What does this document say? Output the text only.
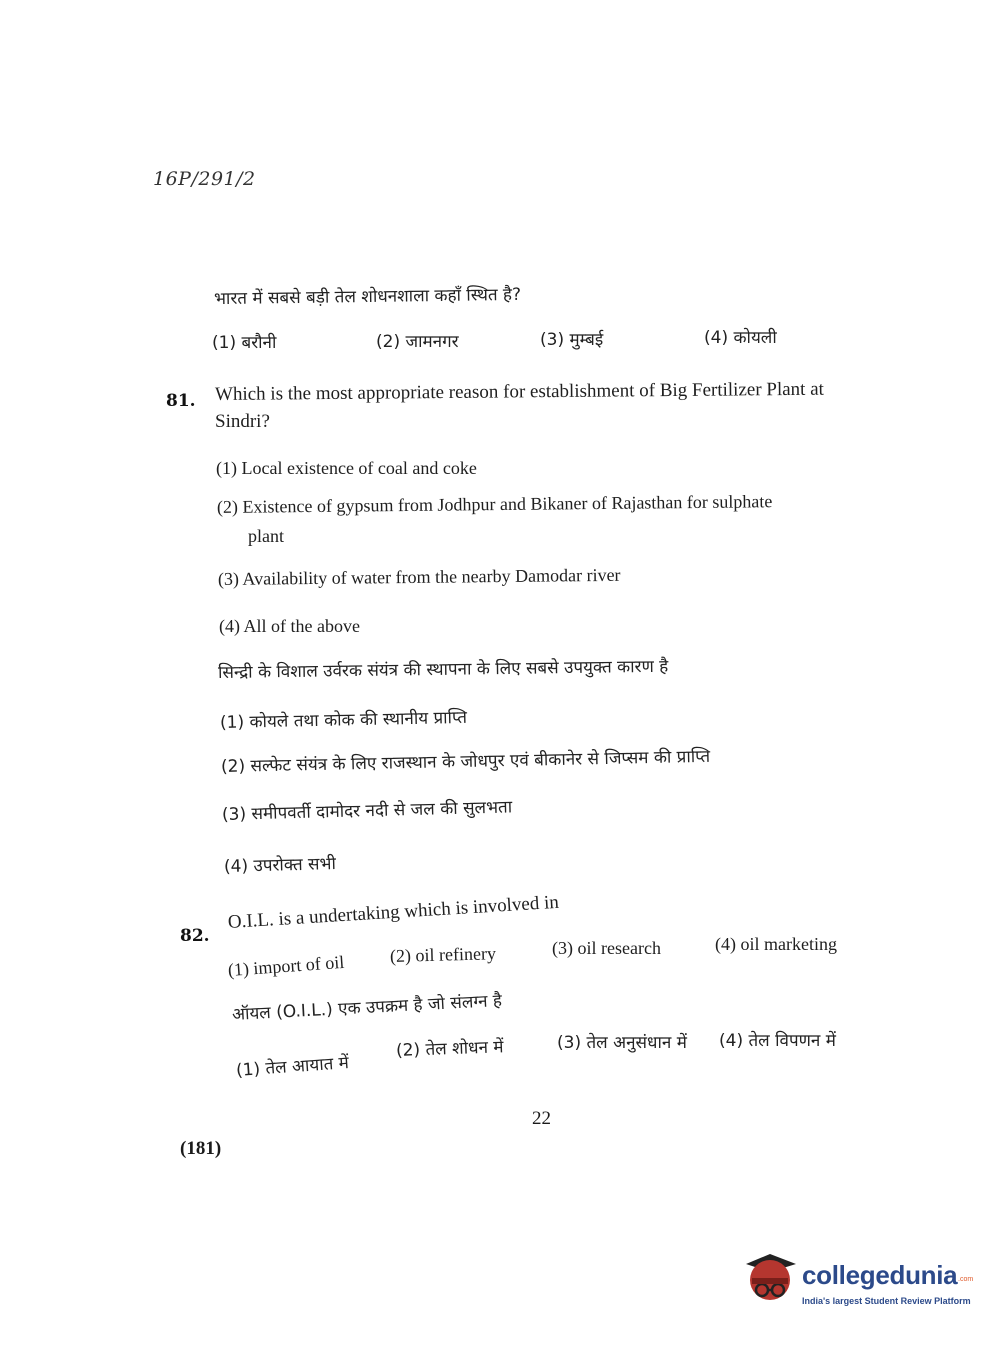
16P/291/2
भारत में सबसे बड़ी तेल शोधनशाला कहाँ स्थित है?
(1) बरौनी	(2) जामनगर	(3) मुम्बई	(4) कोयली
81. Which is the most appropriate reason for establishment of Big Fertilizer Plant at
Sindri?
(1) Local existence of coal and coke
(2) Existence of gypsum from Jodhpur and Bikaner of Rajasthan for sulphate
plant
(3) Availability of water from the nearby Damodar river
(4) All of the above
सिन्द्री के विशाल उर्वरक संयंत्र की स्थापना के लिए सबसे उपयुक्त कारण है
(1) कोयले तथा कोक की स्थानीय प्राप्ति
(2) सल्फेट संयंत्र के लिए राजस्थान के जोधपुर एवं बीकानेर से जिप्सम की प्राप्ति
(3) समीपवर्ती दामोदर नदी से जल की सुलभता
(4) उपरोक्त सभी
82.
O.I.L. is a undertaking which is involved in
(1) import of oil (2) oil refinery	(3) oil research	(4) oil marketing
ऑयल (O.I.L.) एक उपक्रम है जो संलग्न है
(1) तेल आयात में
(2) तेल शोधन में	(3) तेल अनुसंधान में (4) तेल विपणन में
22
(181)
collegedunia .com
India's largest Student Review Platform
